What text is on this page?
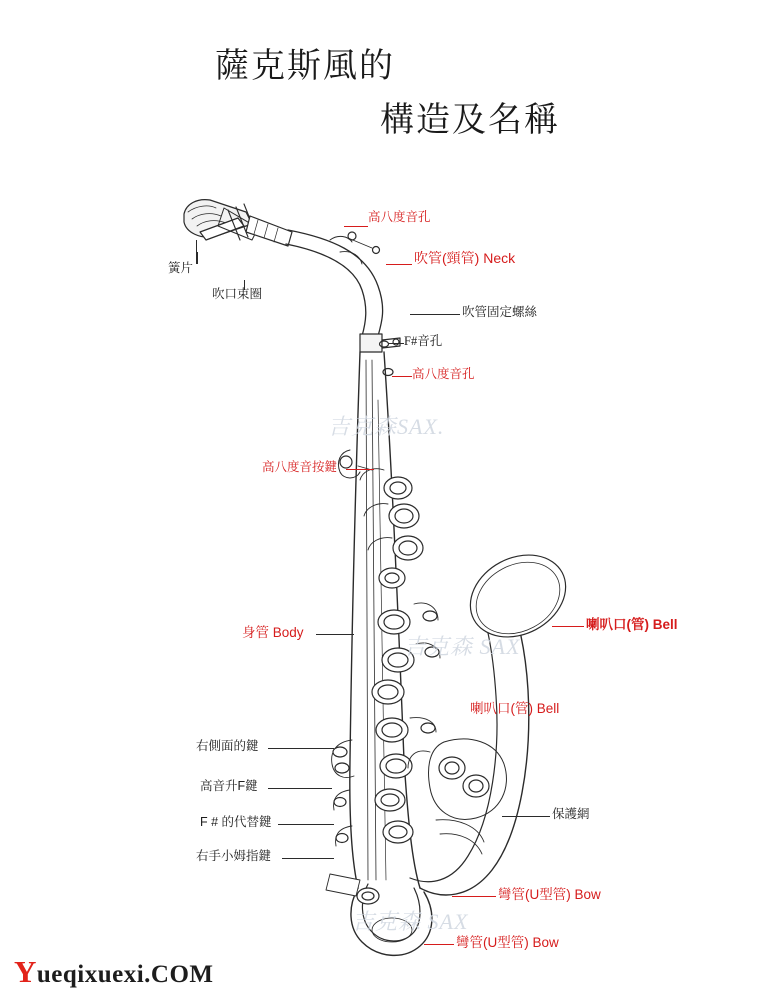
薩克斯風的
構造及名稱
高八度音孔
吹管(頸管) Neck
簧片
吹口束圈
吹管固定螺絲
F#音孔
高八度音孔
高八度音按鍵
身管 Body
喇叭口(管) Bell
喇叭口(管) Bell
右側面的鍵
高音升F鍵
F # 的代替鍵
右手小姆指鍵
保護網
彎管(U型管) Bow
彎管(U型管) Bow
吉克森SAX.
吉克森 SAX
吉克森 SAX
Yueqixuexi.COM
